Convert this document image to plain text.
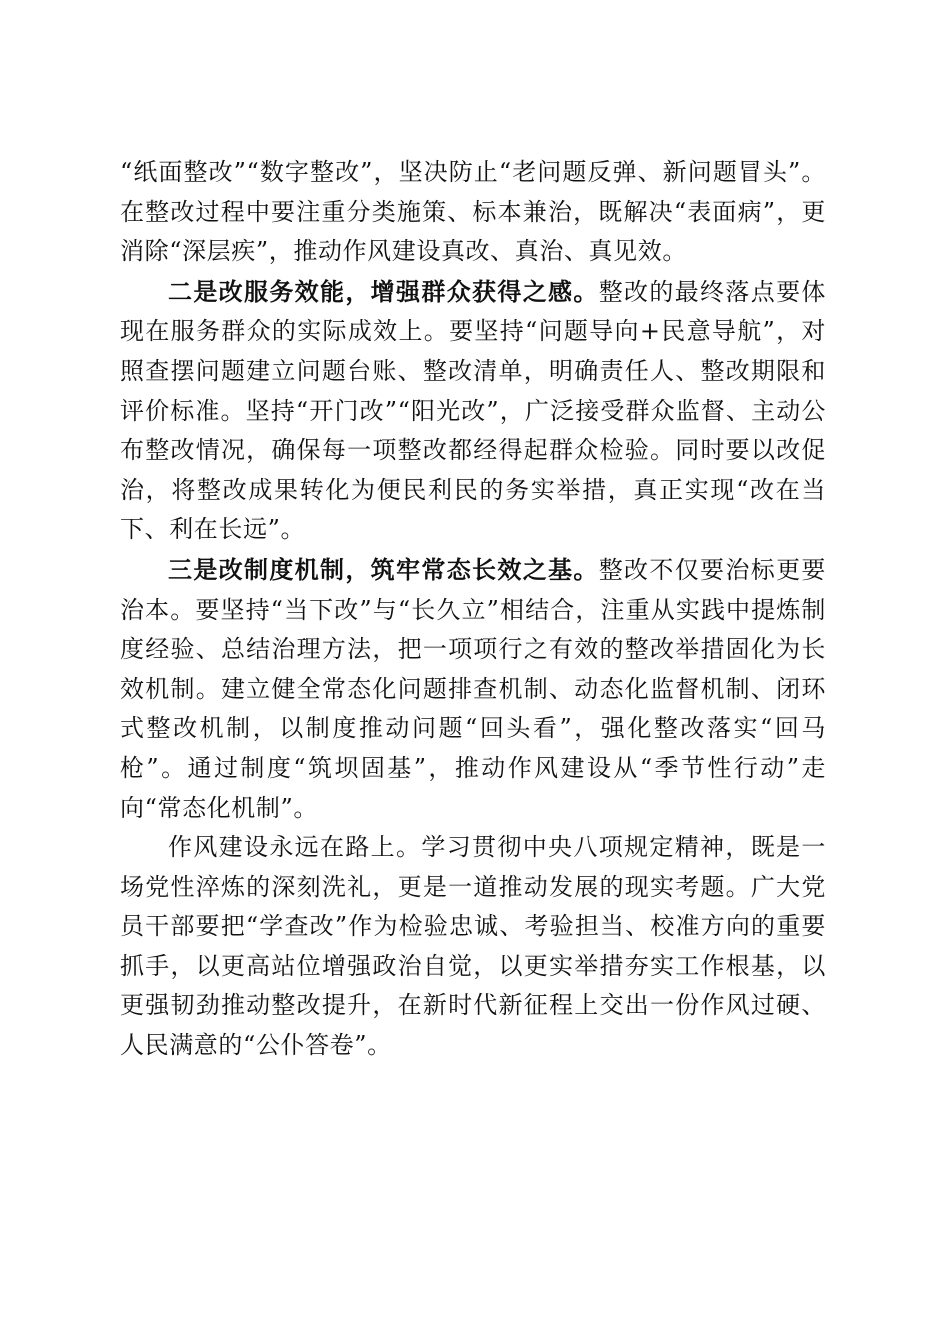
“纸面整改”“数字整改”，坚决防止“老问题反弹、新问题冒头”。在整改过程中要注重分类施策、标本兼治，既解决“表面病”，更消除“深层疾”，推动作风建设真改、真治、真见效。

二是改服务效能，增强群众获得之感。整改的最终落点要体现在服务群众的实际成效上。要坚持“问题导向+民意导航”，对照查摆问题建立问题台账、整改清单，明确责任人、整改期限和评价标准。坚持“开门改”“阳光改”，广泛接受群众监督、主动公布整改情况，确保每一项整改都经得起群众检验。同时要以改促治，将整改成果转化为便民利民的务实举措，真正实现“改在当下、利在长远”。

三是改制度机制，筑牢常态长效之基。整改不仅要治标更要治本。要坚持“当下改”与“长久立”相结合，注重从实践中提炼制度经验、总结治理方法，把一项项行之有效的整改举措固化为长效机制。建立健全常态化问题排查机制、动态化监督机制、闭环式整改机制，以制度推动问题“回头看”，强化整改落实“回马枪”。通过制度“筑坝固基”，推动作风建设从“季节性行动”走向“常态化机制”。

作风建设永远在路上。学习贯彻中央八项规定精神，既是一场党性淬炼的深刻洗礼，更是一道推动发展的现实考题。广大党员干部要把“学查改”作为检验忠诚、考验担当、校准方向的重要抓手，以更高站位增强政治自觉，以更实举措夯实工作根基，以更强韧劲推动整改提升，在新时代新征程上交出一份作风过硬、人民满意的“公仆答卷”。
